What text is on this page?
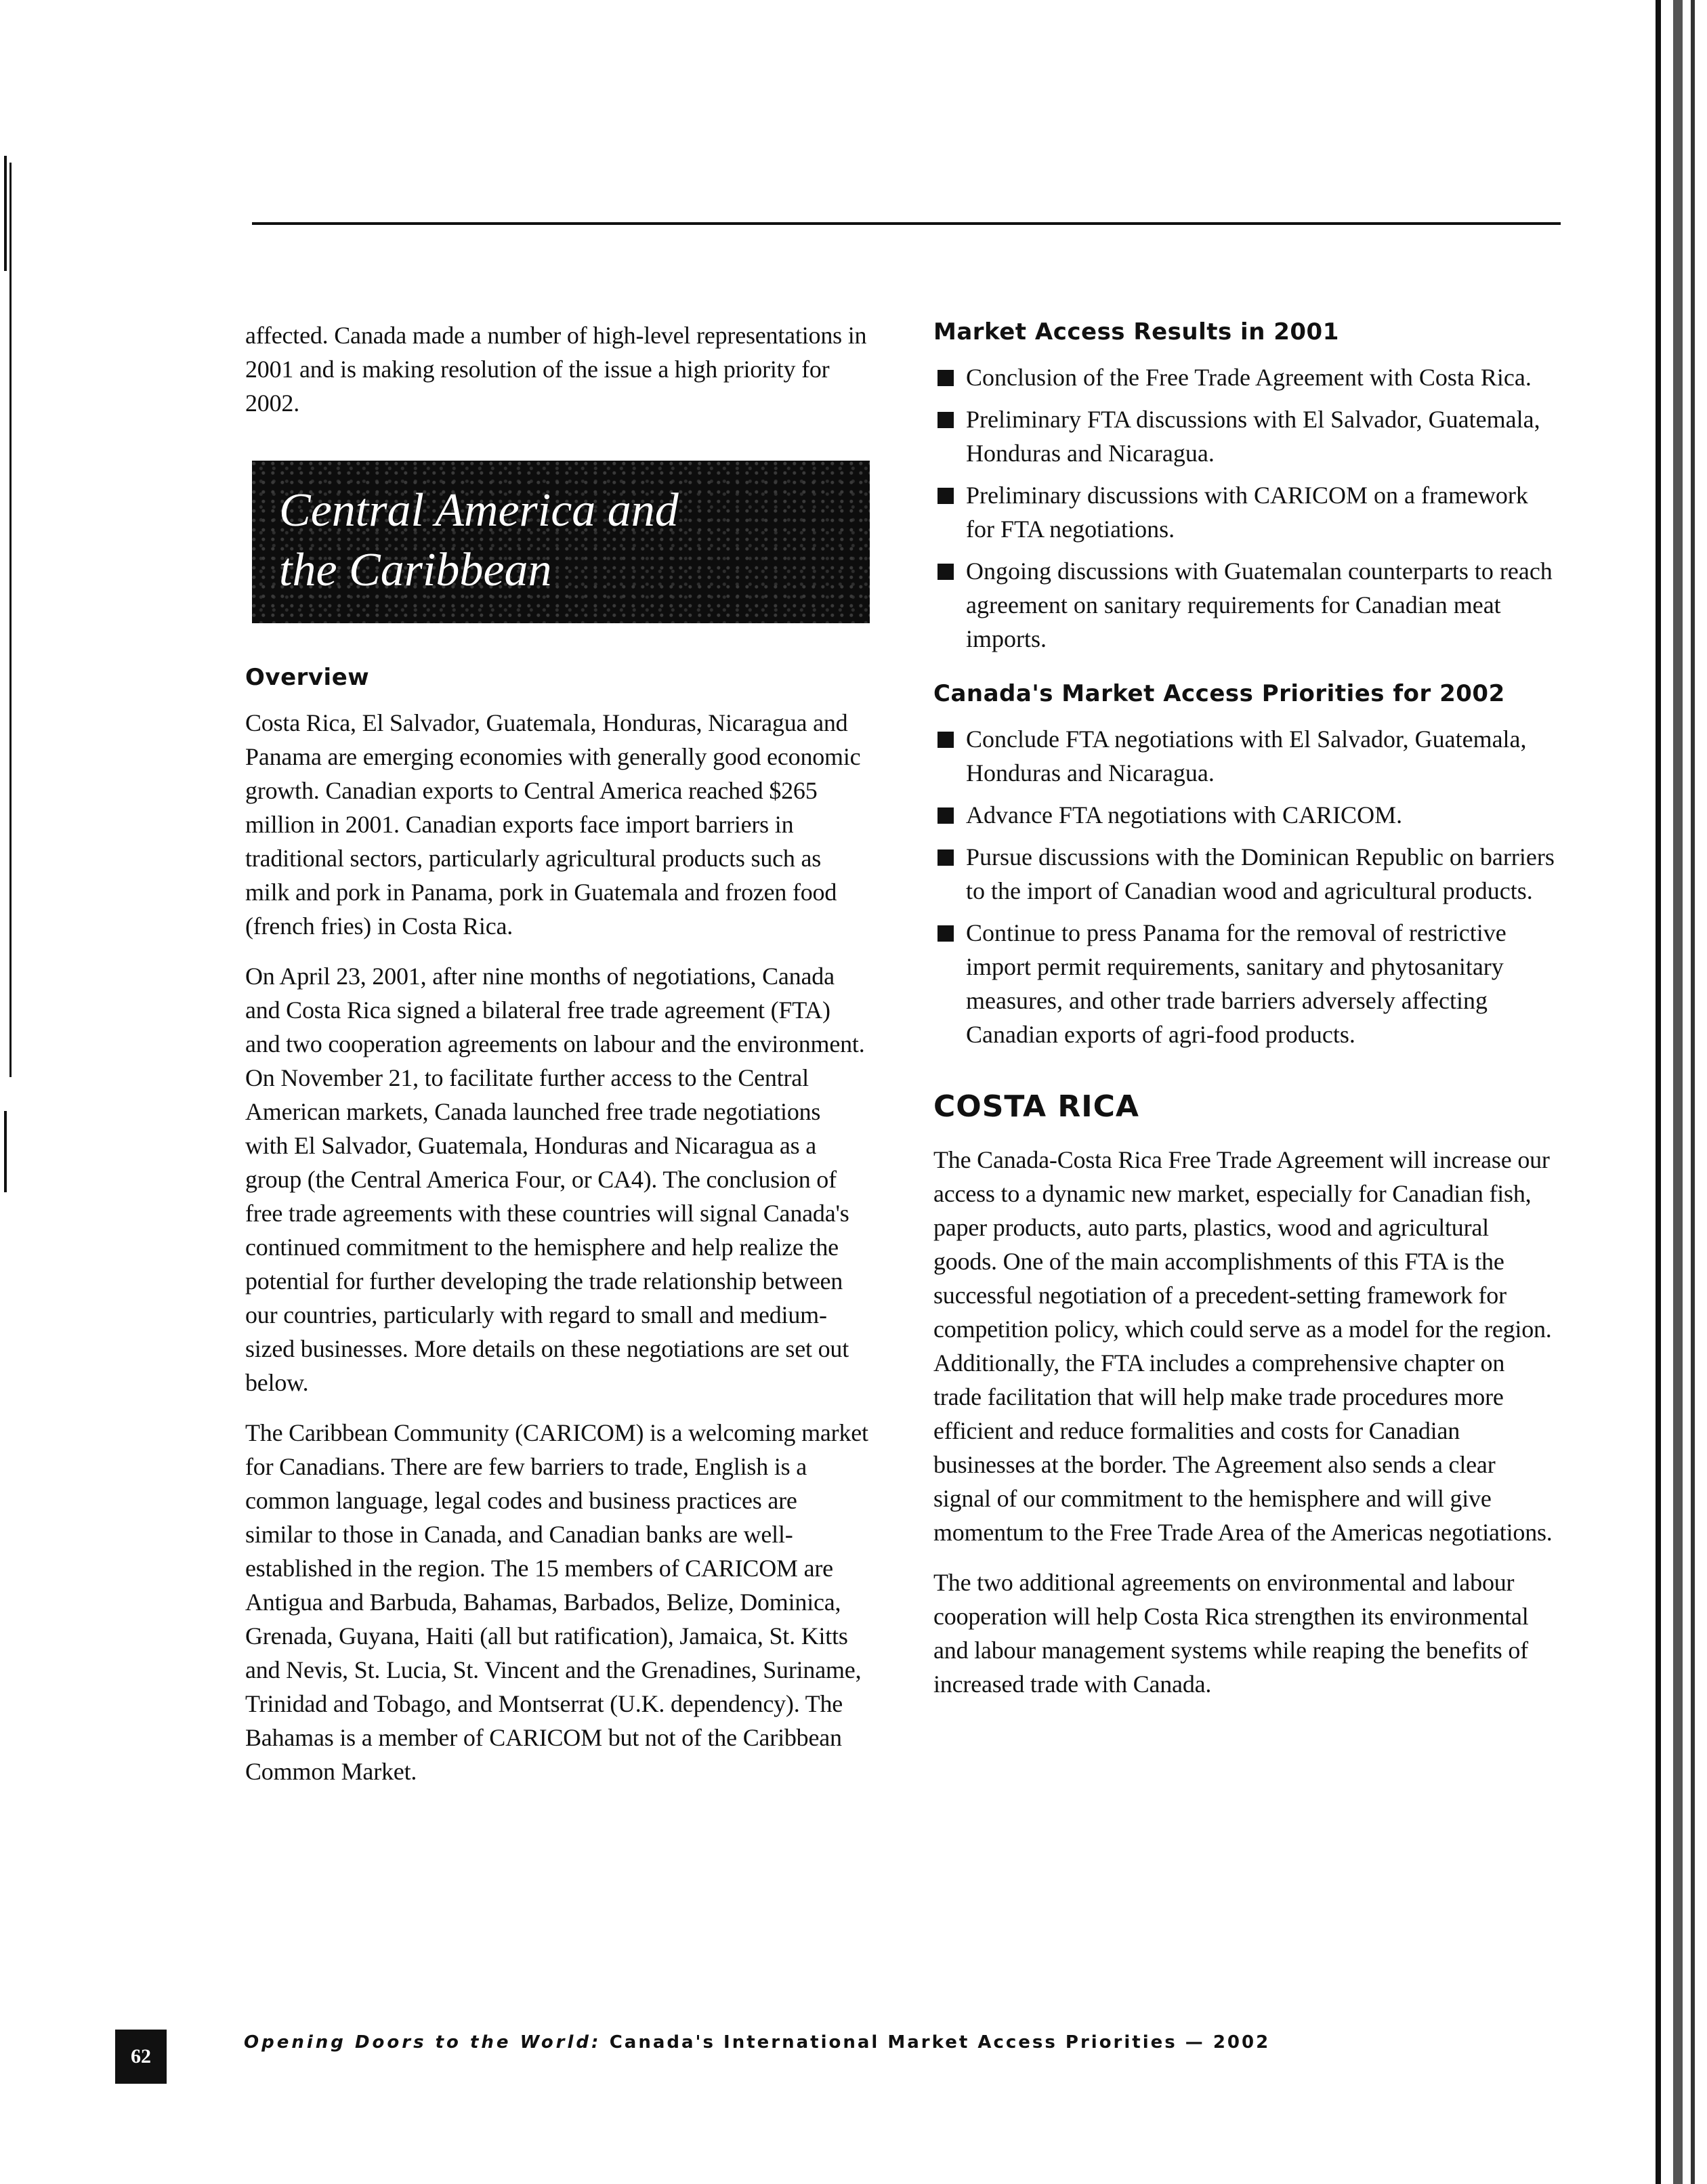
affected. Canada made a number of high-level representations in 2001 and is making resolution of the issue a high priority for 2002.

Central America and
the Caribbean
Overview

Costa Rica, El Salvador, Guatemala, Honduras, Nicaragua and Panama are emerging economies with generally good economic growth. Canadian exports to Central America reached $265 million in 2001. Canadian exports face import barriers in traditional sectors, particularly agricultural products such as milk and pork in Panama, pork in Guatemala and frozen food (french fries) in Costa Rica.

On April 23, 2001, after nine months of negotiations, Canada and Costa Rica signed a bilateral free trade agreement (FTA) and two cooperation agreements on labour and the environment. On November 21, to facilitate further access to the Central American markets, Canada launched free trade negotiations with El Salvador, Guatemala, Honduras and Nicaragua as a group (the Central America Four, or CA4). The conclusion of free trade agreements with these countries will signal Canada's continued commitment to the hemisphere and help realize the potential for further developing the trade relationship between our countries, particularly with regard to small and medium-sized businesses. More details on these negotiations are set out below.

The Caribbean Community (CARICOM) is a welcoming market for Canadians. There are few barriers to trade, English is a common language, legal codes and business practices are similar to those in Canada, and Canadian banks are well-established in the region. The 15 members of CARICOM are Antigua and Barbuda, Bahamas, Barbados, Belize, Dominica, Grenada, Guyana, Haiti (all but ratification), Jamaica, St. Kitts and Nevis, St. Lucia, St. Vincent and the Grenadines, Suriname, Trinidad and Tobago, and Montserrat (U.K. dependency). The Bahamas is a member of CARICOM but not of the Caribbean Common Market.

Market Access Results in 2001
Conclusion of the Free Trade Agreement with Costa Rica.
Preliminary FTA discussions with El Salvador, Guatemala, Honduras and Nicaragua.
Preliminary discussions with CARICOM on a framework for FTA negotiations.
Ongoing discussions with Guatemalan counterparts to reach agreement on sanitary requirements for Canadian meat imports.
Canada's Market Access Priorities for 2002
Conclude FTA negotiations with El Salvador, Guatemala, Honduras and Nicaragua.
Advance FTA negotiations with CARICOM.
Pursue discussions with the Dominican Republic on barriers to the import of Canadian wood and agricultural products.
Continue to press Panama for the removal of restrictive import permit requirements, sanitary and phytosanitary measures, and other trade barriers adversely affecting Canadian exports of agri-food products.
COSTA RICA

The Canada-Costa Rica Free Trade Agreement will increase our access to a dynamic new market, especially for Canadian fish, paper products, auto parts, plastics, wood and agricultural goods. One of the main accomplishments of this FTA is the successful negotiation of a precedent-setting framework for competition policy, which could serve as a model for the region. Additionally, the FTA includes a comprehensive chapter on trade facilitation that will help make trade procedures more efficient and reduce formalities and costs for Canadian businesses at the border. The Agreement also sends a clear signal of our commitment to the hemisphere and will give momentum to the Free Trade Area of the Americas negotiations.

The two additional agreements on environmental and labour cooperation will help Costa Rica strengthen its environmental and labour management systems while reaping the benefits of increased trade with Canada.

62
Opening Doors to the World: Canada's International Market Access Priorities — 2002
